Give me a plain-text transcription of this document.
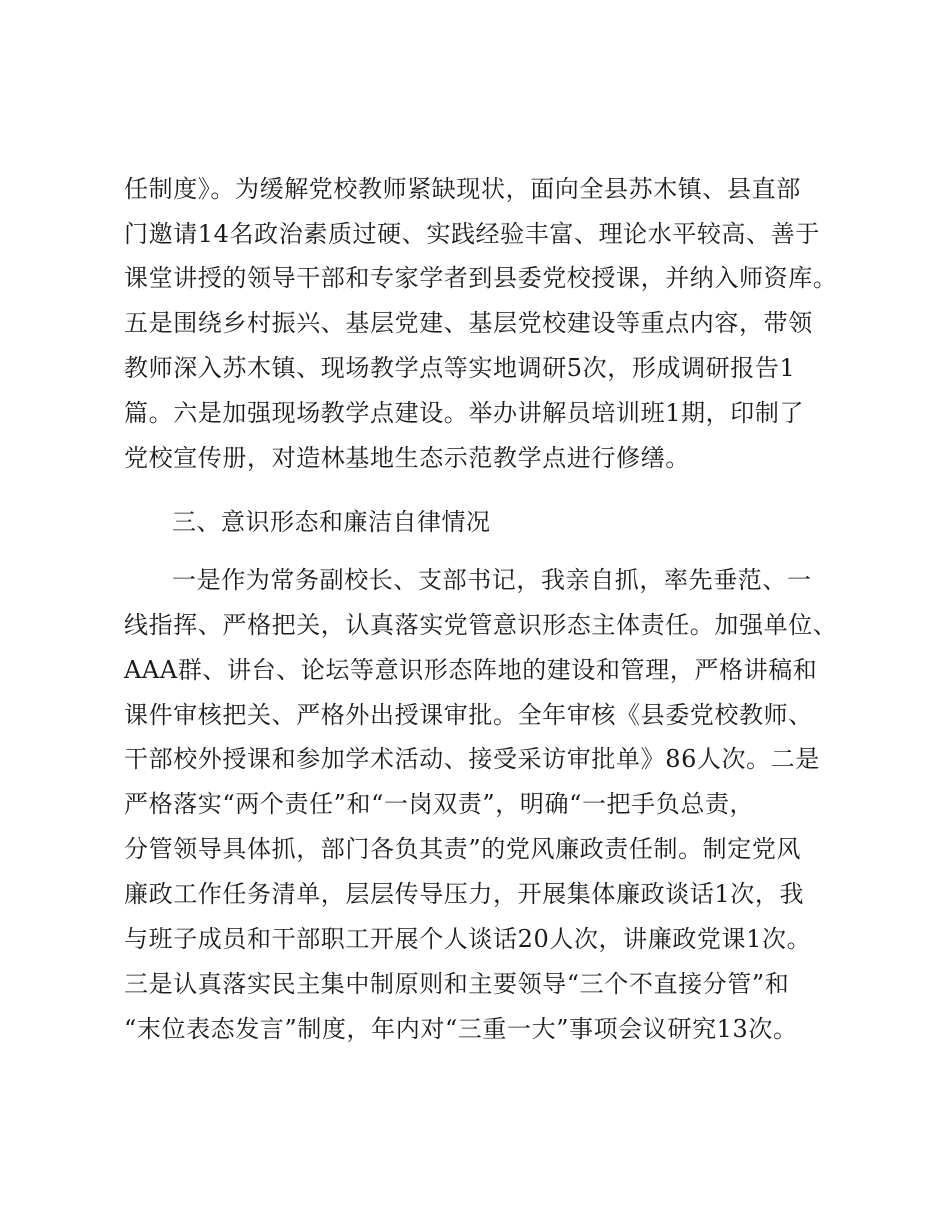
任制度》。为缓解党校教师紧缺现状，面向全县苏木镇、县直部
门邀请14名政治素质过硬、实践经验丰富、理论水平较高、善于
课堂讲授的领导干部和专家学者到县委党校授课，并纳入师资库。
五是围绕乡村振兴、基层党建、基层党校建设等重点内容，带领
教师深入苏木镇、现场教学点等实地调研5次，形成调研报告1
篇。六是加强现场教学点建设。举办讲解员培训班1期，印制了
党校宣传册，对造林基地生态示范教学点进行修缮。
三、意识形态和廉洁自律情况
一是作为常务副校长、支部书记，我亲自抓，率先垂范、一
线指挥、严格把关，认真落实党管意识形态主体责任。加强单位、
AAA群、讲台、论坛等意识形态阵地的建设和管理，严格讲稿和
课件审核把关、严格外出授课审批。全年审核《县委党校教师、
干部校外授课和参加学术活动、接受采访审批单》86人次。二是
严格落实“两个责任”和“一岗双责”，明确“一把手负总责，
分管领导具体抓，部门各负其责”的党风廉政责任制。制定党风
廉政工作任务清单，层层传导压力，开展集体廉政谈话1次，我
与班子成员和干部职工开展个人谈话20人次，讲廉政党课1次。
三是认真落实民主集中制原则和主要领导“三个不直接分管”和
“末位表态发言”制度，年内对“三重一大”事项会议研究13次。
